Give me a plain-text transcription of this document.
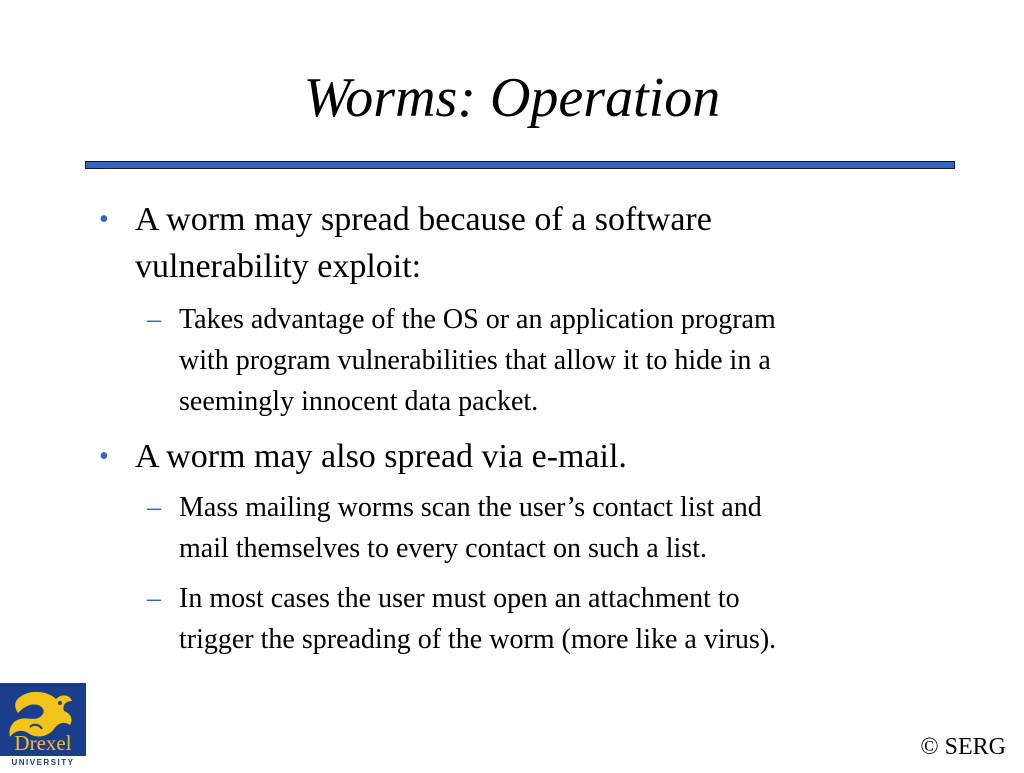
Worms: Operation
• A worm may spread because of a software
vulnerability exploit:
– Takes advantage of the OS or an application program
with program vulnerabilities that allow it to hide in a
seemingly innocent data packet.
• A worm may also spread via e-mail.
– Mass mailing worms scan the user’s contact list and
mail themselves to every contact on such a list.
– In most cases the user must open an attachment to
trigger the spreading of the worm (more like a virus).
Drexel
UNIVERSITY
© SERG
